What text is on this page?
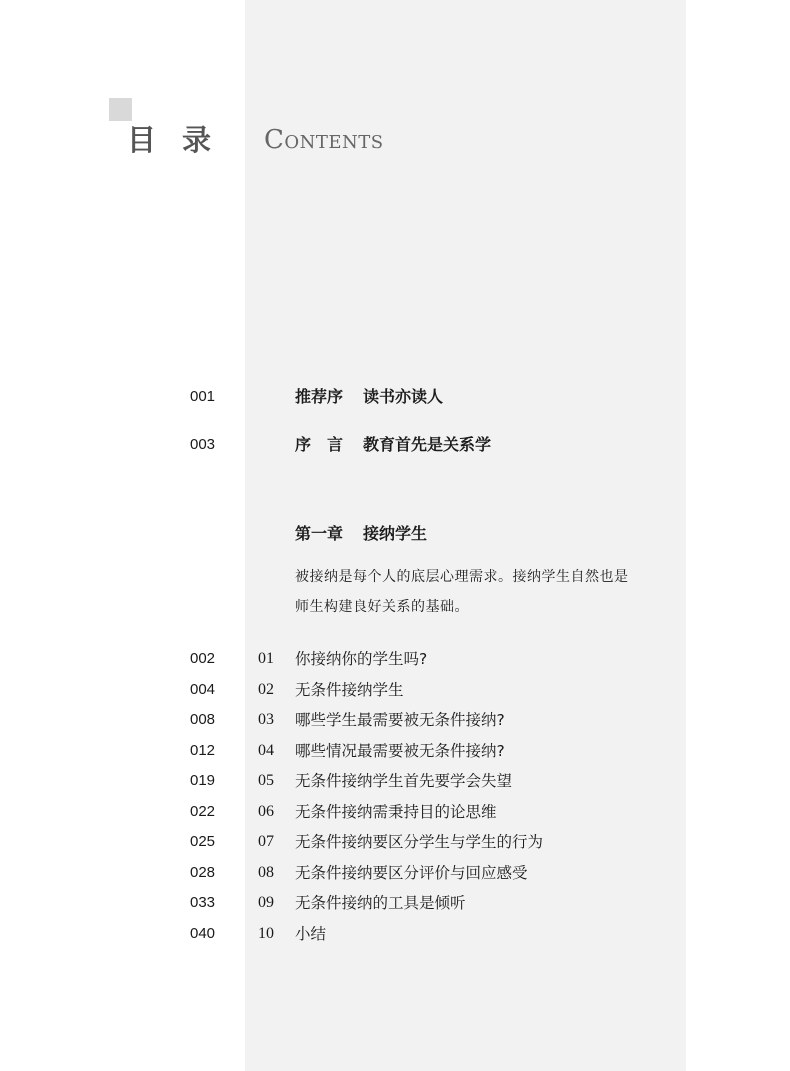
目录 Contents
001	推荐序 读书亦读人
003	序　言 教育首先是关系学
第一章 接纳学生
被接纳是每个人的底层心理需求。接纳学生自然也是
师生构建良好关系的基础。
002	01 你接纳你的学生吗?
004	02 无条件接纳学生
008	03 哪些学生最需要被无条件接纳?
012	04 哪些情况最需要被无条件接纳?
019	05 无条件接纳学生首先要学会失望
022	06 无条件接纳需秉持目的论思维
025	07 无条件接纳要区分学生与学生的行为
028	08 无条件接纳要区分评价与回应感受
033	09 无条件接纳的工具是倾听
040	10 小结
